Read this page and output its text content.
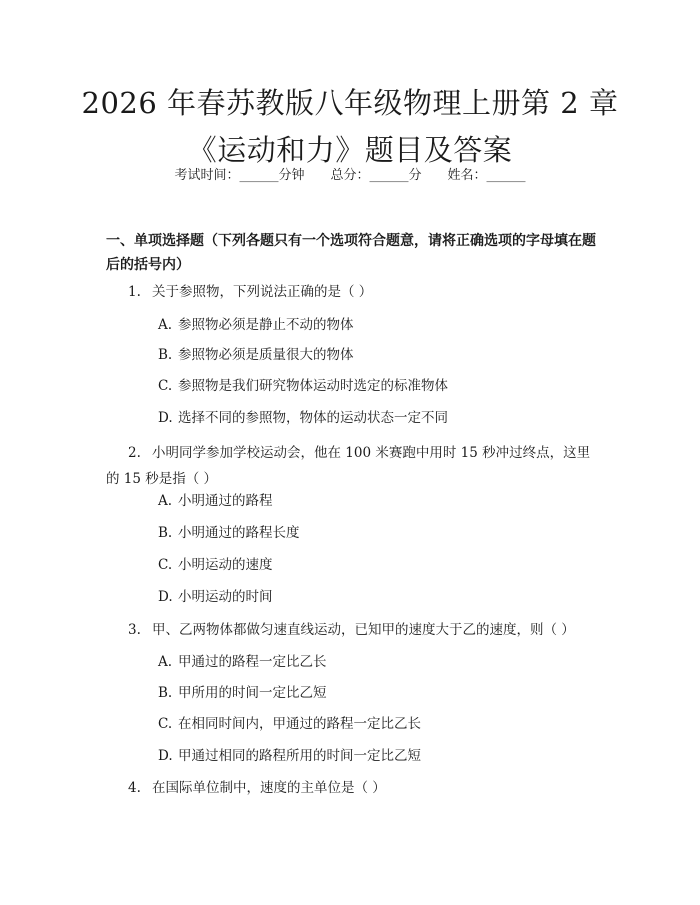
2026 年春苏教版八年级物理上册第 2 章《运动和力》题目及答案
考试时间：______分钟 总分：______分 姓名：______
一、单项选择题（下列各题只有一个选项符合题意，请将正确选项的字母填在题后的括号内）
1. 关于参照物，下列说法正确的是（ ）
A. 参照物必须是静止不动的物体
B. 参照物必须是质量很大的物体
C. 参照物是我们研究物体运动时选定的标准物体
D. 选择不同的参照物，物体的运动状态一定不同
2. 小明同学参加学校运动会，他在 100 米赛跑中用时 15 秒冲过终点，这里的 15 秒是指（ ）
A. 小明通过的路程
B. 小明通过的路程长度
C. 小明运动的速度
D. 小明运动的时间
3. 甲、乙两物体都做匀速直线运动，已知甲的速度大于乙的速度，则（ ）
A. 甲通过的路程一定比乙长
B. 甲所用的时间一定比乙短
C. 在相同时间内，甲通过的路程一定比乙长
D. 甲通过相同的路程所用的时间一定比乙短
4. 在国际单位制中，速度的主单位是（ ）
